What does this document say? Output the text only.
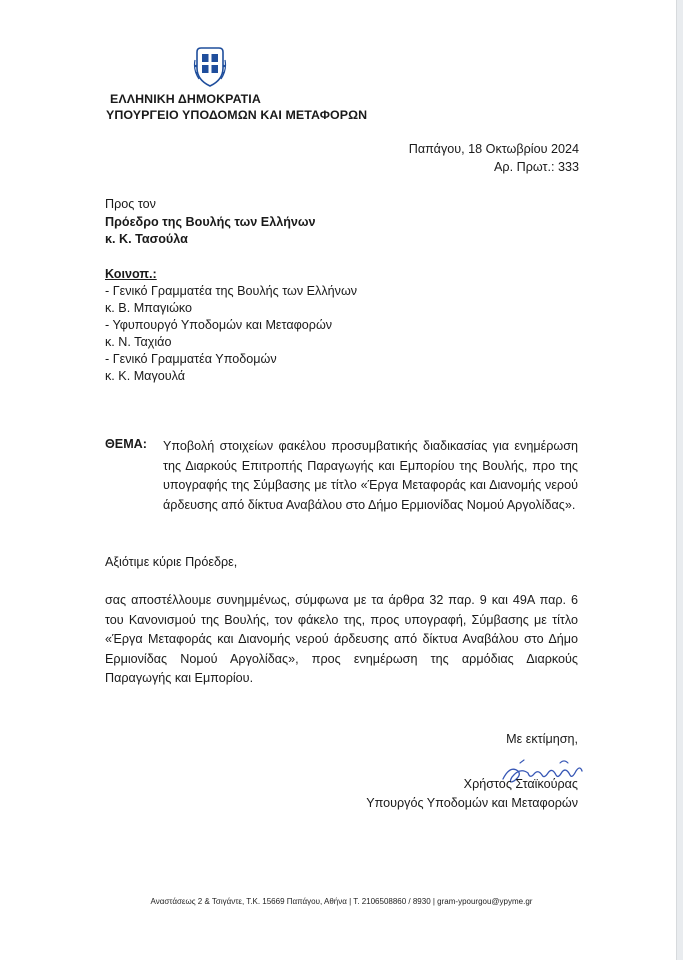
ΕΛΛΗΝΙΚΗ ΔΗΜΟΚΡΑΤΙΑ
ΥΠΟΥΡΓΕΙΟ ΥΠΟΔΟΜΩΝ ΚΑΙ ΜΕΤΑΦΟΡΩΝ
Παπάγου, 18 Οκτωβρίου 2024
Αρ. Πρωτ.: 333
Προς τον
Πρόεδρο της Βουλής των Ελλήνων
κ. Κ. Τασούλα
Κοινοπ.:
- Γενικό Γραμματέα της Βουλής των Ελλήνων
κ. Β. Μπαγιώκο
- Υφυπουργό Υποδομών και Μεταφορών
κ. Ν. Ταχιάο
- Γενικό Γραμματέα Υποδομών
κ. Κ. Μαγουλά
ΘΕΜΑ: Υποβολή στοιχείων φακέλου προσυμβατικής διαδικασίας για ενημέρωση της Διαρκούς Επιτροπής Παραγωγής και Εμπορίου της Βουλής, προ της υπογραφής της Σύμβασης με τίτλο «Έργα Μεταφοράς και Διανομής νερού άρδευσης από δίκτυα Αναβάλου στο Δήμο Ερμιονίδας Νομού Αργολίδας».
Αξιότιμε κύριε Πρόεδρε,
σας αποστέλλουμε συνημμένως, σύμφωνα με τα άρθρα 32 παρ. 9 και 49Α παρ. 6 του Κανονισμού της Βουλής, τον φάκελο της, προς υπογραφή, Σύμβασης με τίτλο «Έργα Μεταφοράς και Διανομής νερού άρδευσης από δίκτυα Αναβάλου στο Δήμο Ερμιονίδας Νομού Αργολίδας», προς ενημέρωση της αρμόδιας Διαρκούς Παραγωγής και Εμπορίου.
Με εκτίμηση,
Χρήστος Σταϊκούρας
Υπουργός Υποδομών και Μεταφορών
Αναστάσεως 2 & Τσιγάντε, Τ.Κ. 15669 Παπάγου, Αθήνα | Τ. 2106508860 / 8930 | gram-ypourgou@ypyme.gr
